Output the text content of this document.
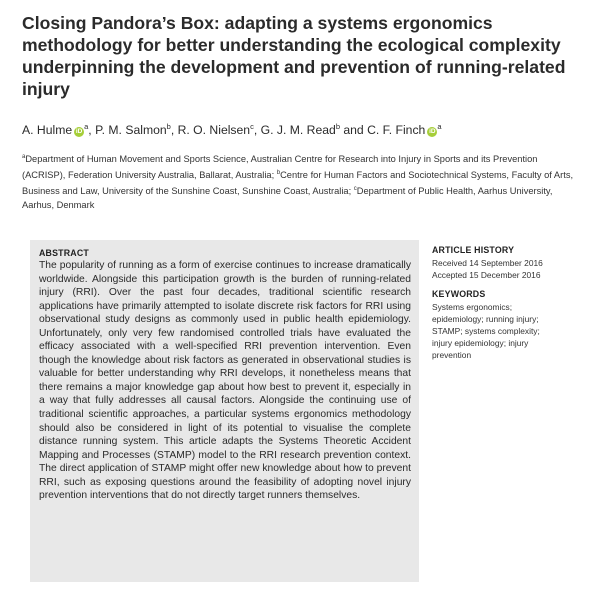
Closing Pandora’s Box: adapting a systems ergonomics methodology for better understanding the ecological complexity underpinning the development and prevention of running-related injury
A. Hulme $iD^a$, P. M. Salmon$^b$, R. O. Nielsen$^c$, G. J. M. Read$^b$ and C. F. Finch $iD^a$
$^a$Department of Human Movement and Sports Science, Australian Centre for Research into Injury in Sports and its Prevention (ACRISP), Federation University Australia, Ballarat, Australia; $^b$Centre for Human Factors and Sociotechnical Systems, Faculty of Arts, Business and Law, University of the Sunshine Coast, Sunshine Coast, Australia; $^c$Department of Public Health, Aarhus University, Aarhus, Denmark
ABSTRACT

The popularity of running as a form of exercise continues to increase dramatically worldwide. Alongside this participation growth is the burden of running-related injury (RRI). Over the past four decades, traditional scientific research applications have primarily attempted to isolate discrete risk factors for RRI using observational study designs as commonly used in public health epidemiology. Unfortunately, only very few randomised controlled trials have evaluated the efficacy associated with a well-specified RRI prevention intervention. Even though the knowledge about risk factors as generated in observational studies is valuable for better understanding why RRI develops, it nonetheless means that there remains a major knowledge gap about how best to prevent it, especially in a way that fully addresses all causal factors. Alongside the continuing use of traditional scientific approaches, a particular systems ergonomics methodology should also be considered in light of its potential to visualise the complete distance running system. This article adapts the Systems Theoretic Accident Mapping and Processes (STAMP) model to the RRI research prevention context. The direct application of STAMP might offer new knowledge about how to prevent RRI, such as exposing questions around the feasibility of adopting novel injury prevention interventions that do not directly target runners themselves.

ARTICLE HISTORY
Received 14 September 2016
Accepted 15 December 2016
KEYWORDS
Systems ergonomics; epidemiology; running injury; STAMP; systems complexity; injury epidemiology; injury prevention
